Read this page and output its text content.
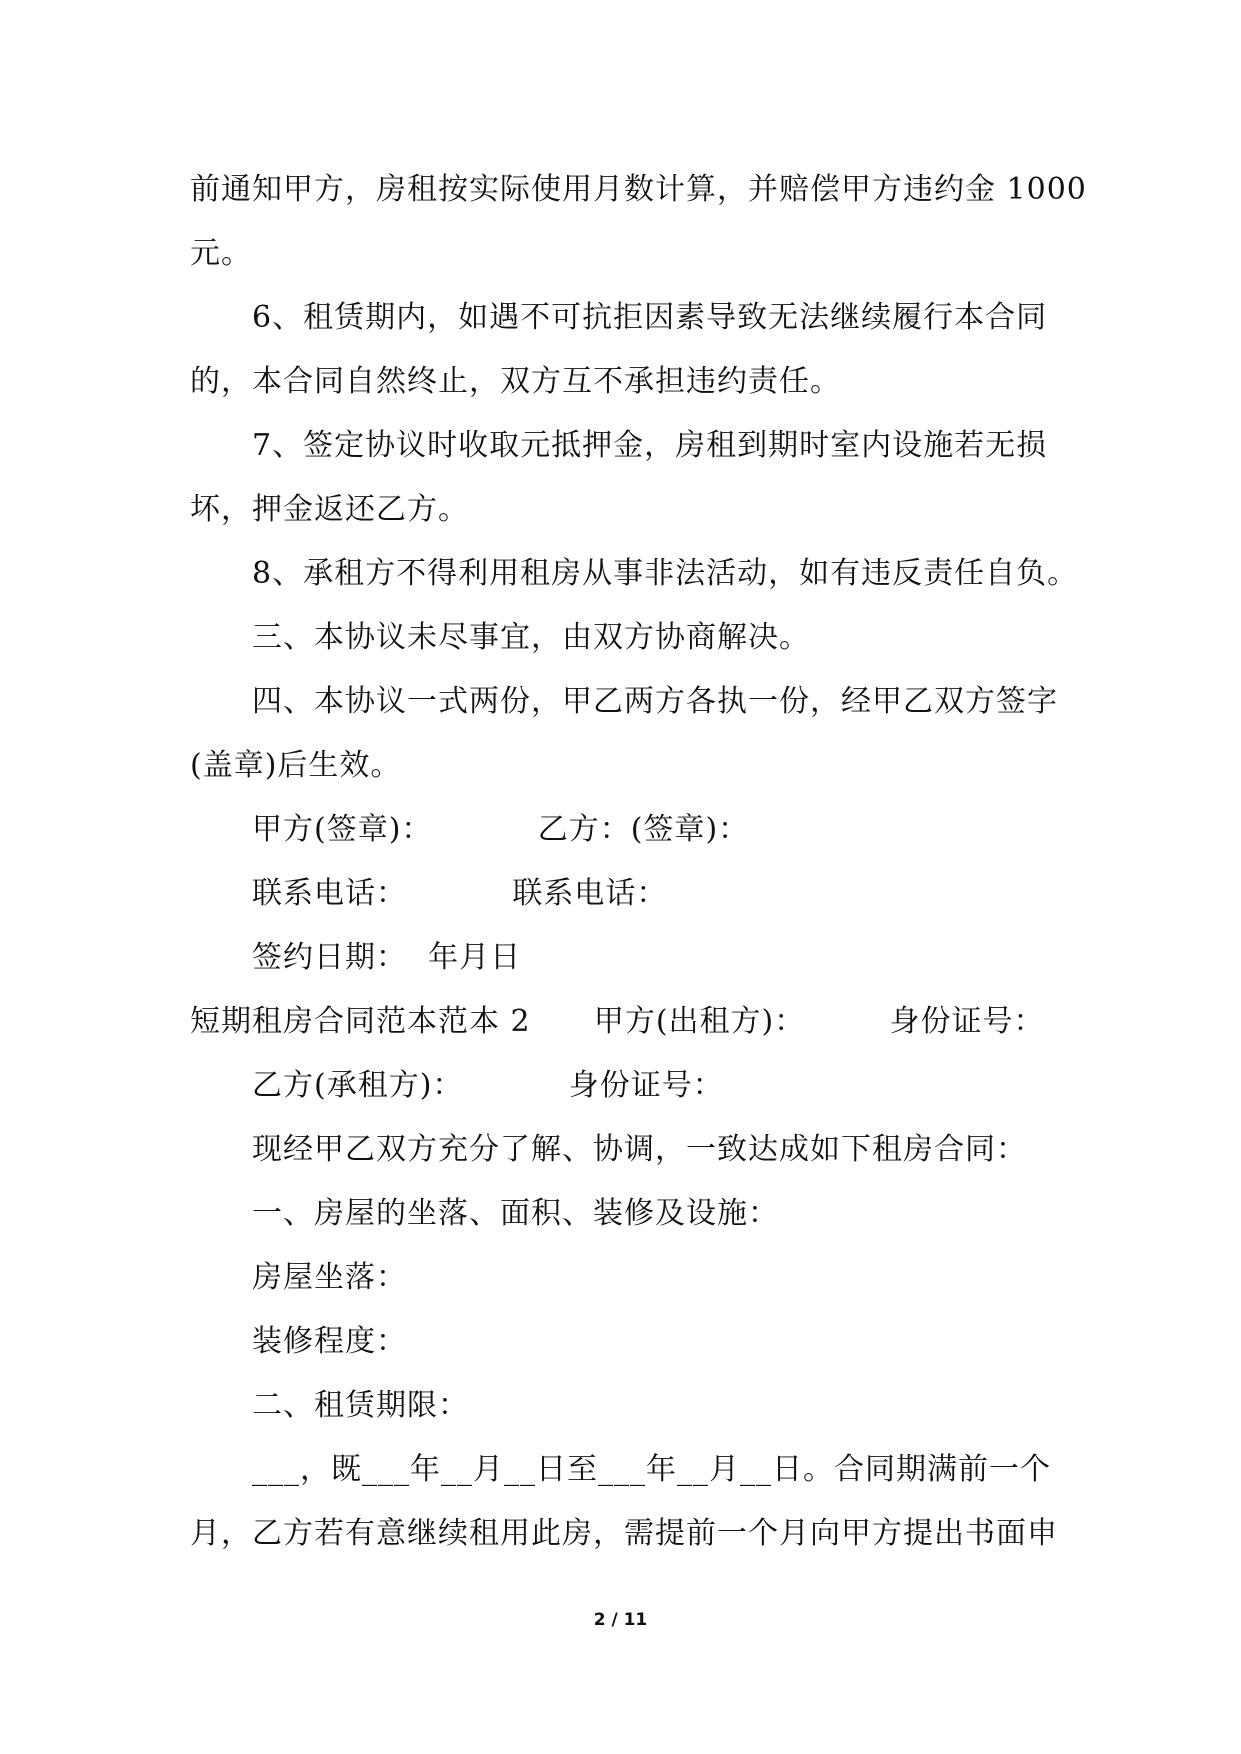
前通知甲方，房租按实际使用月数计算，并赔偿甲方违约金 1000
元。
6、租赁期内，如遇不可抗拒因素导致无法继续履行本合同
的，本合同自然终止，双方互不承担违约责任。
7、签定协议时收取元抵押金，房租到期时室内设施若无损
坏，押金返还乙方。
8、承租方不得利用租房从事非法活动，如有违反责任自负。
三、本协议未尽事宜，由双方协商解决。
四、本协议一式两份，甲乙两方各执一份，经甲乙双方签字
(盖章)后生效。
甲方(签章)：          乙方：(签章)：
联系电话：          联系电话：
签约日期：  年月日
短期租房合同范本范本 2      甲方(出租方)：        身份证号：
乙方(承租方)：          身份证号：
现经甲乙双方充分了解、协调，一致达成如下租房合同：
一、房屋的坐落、面积、装修及设施：
房屋坐落：
装修程度：
二、租赁期限：
___，既___年__月__日至___年__月__日。合同期满前一个
月，乙方若有意继续租用此房，需提前一个月向甲方提出书面申
2 / 11
